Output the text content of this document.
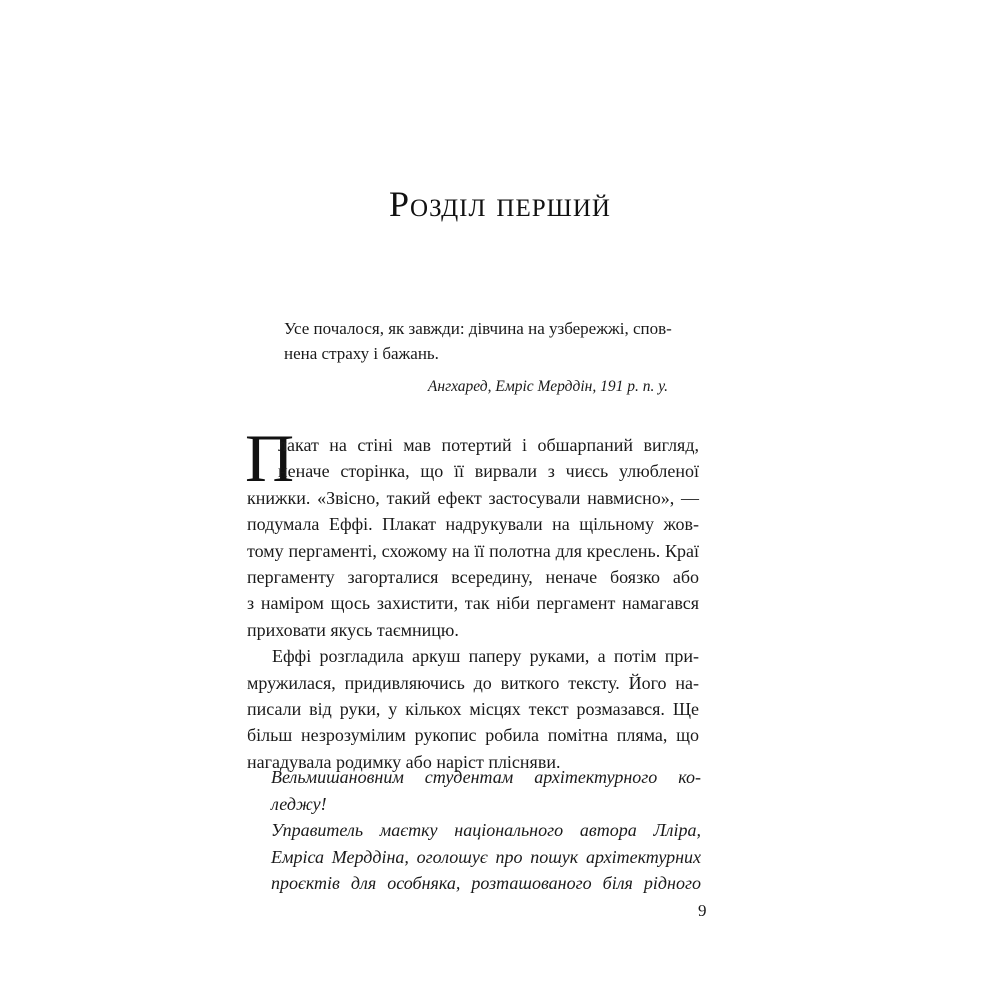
Розділ перший
Усе почалося, як завжди: дівчина на узбережжі, спов-
нена страху і бажань.
Ангхаред, Емріс Мерддін, 191 р. п. у.
П
лакат на стіні мав потертий і обшарпаний вигляд,
неначе сторінка, що її вирвали з чиєсь улюбленої
книжки. «Звісно, такий ефект застосували навмисно», —
подумала Еффі. Плакат надрукували на щільному жов-
тому пергаменті, схожому на її полотна для креслень. Краї
пергаменту загорталися всередину, неначе боязко або
з наміром щось захистити, так ніби пергамент намагався
приховати якусь таємницю.
Еффі розгладила аркуш паперу руками, а потім при-
мружилася, придивляючись до виткого тексту. Його на-
писали від руки, у кількох місцях текст розмазався. Ще
більш незрозумілим рукопис робила помітна пляма, що
нагадувала родимку або наріст плісняви.
Вельмишановним студентам архітектурного ко-
леджу!
Управитель маєтку національного автора Лліра,
Емріса Мерддіна, оголошує про пошук архітектурних
проєктів для особняка, розташованого біля рідного
9
